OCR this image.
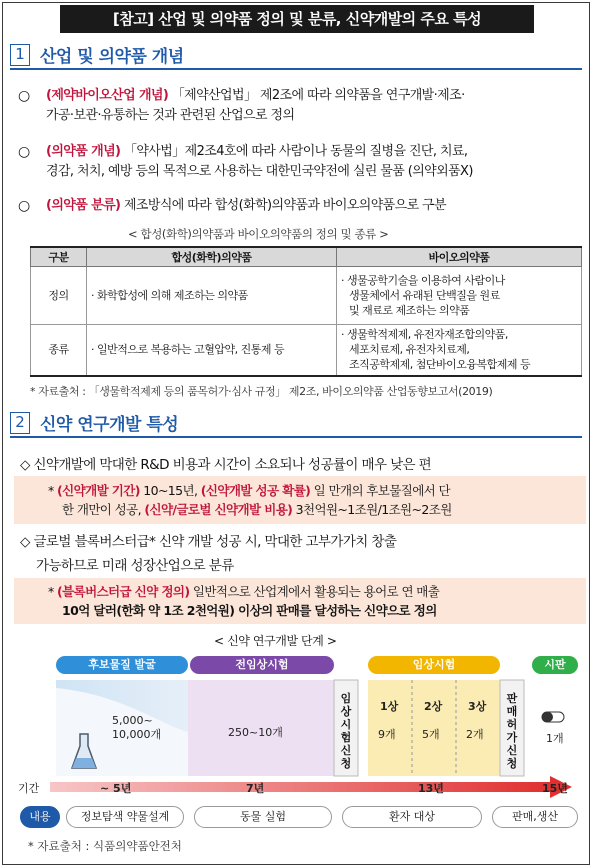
[참고] 산업 및 의약품 정의 및 분류, 신약개발의 주요 특성
1 산업 및 의약품 개념
○ (제약바이오산업 개념) 「제약산업법」 제2조에 따라 의약품을 연구개발·제조·
가공·보관·유통하는 것과 관련된 산업으로 정의
○ (의약품 개념) 「약사법」제2조4호에 따라 사람이나 동물의 질병을 진단, 치료,
경감, 처치, 예방 등의 목적으로 사용하는 대한민국약전에 실린 물품 (의약외품X)
○ (의약품 분류) 제조방식에 따라 합성(화학)의약품과 바이오의약품으로 구분
< 합성(화학)의약품과 바이오의약품의 정의 및 종류 >
구분	합성(화학)의약품	바이오의약품
정의	· 화학합성에 의해 제조하는 의약품	· 생물공학기술을 이용하여 사람이나
생물체에서 유래된 단백질을 원료
및 재료로 제조하는 의약품

종류	· 일반적으로 복용하는 고혈압약, 진통제 등	· 생물학적제제, 유전자재조합의약품,
세포치료제, 유전자치료제,
조직공학제제, 첨단바이오융복합제제 등
* 자료출처 : 「생물학적제제 등의 품목허가·심사 규정」 제2조, 바이오의약품 산업동향보고서(2019)
2 신약 연구개발 특성
◇ 신약개발에 막대한 R&D 비용과 시간이 소요되나 성공률이 매우 낮은 편
* (신약개발 기간) 10~15년, (신약개발 성공 확률) 일 만개의 후보물질에서 단
한 개만이 성공, (신약/글로벌 신약개발 비용) 3천억원~1조원/1조원~2조원
◇ 글로벌 블록버스터급* 신약 개발 성공 시, 막대한 고부가가치 창출
가능하므로 미래 성장산업으로 분류
* (블록버스터급 신약 정의) 일반적으로 산업계에서 활용되는 용어로 연 매출
10억 달러(한화 약 1조 2천억원) 이상의 판매를 달성하는 신약으로 정의
< 신약 연구개발 단계 >
후보물질 발굴	전임상시험	임상시험	시판
5,000~
10,000개	250~10개
임상시험신청
1상 2상 3상
9개 5개 2개
판매허가신청
1개
기간	~ 5년	7년	13년	15년
내용	정보탐색 약물설계	동물 실험	환자 대상	판매,생산
* 자료출처 : 식품의약품안전처
